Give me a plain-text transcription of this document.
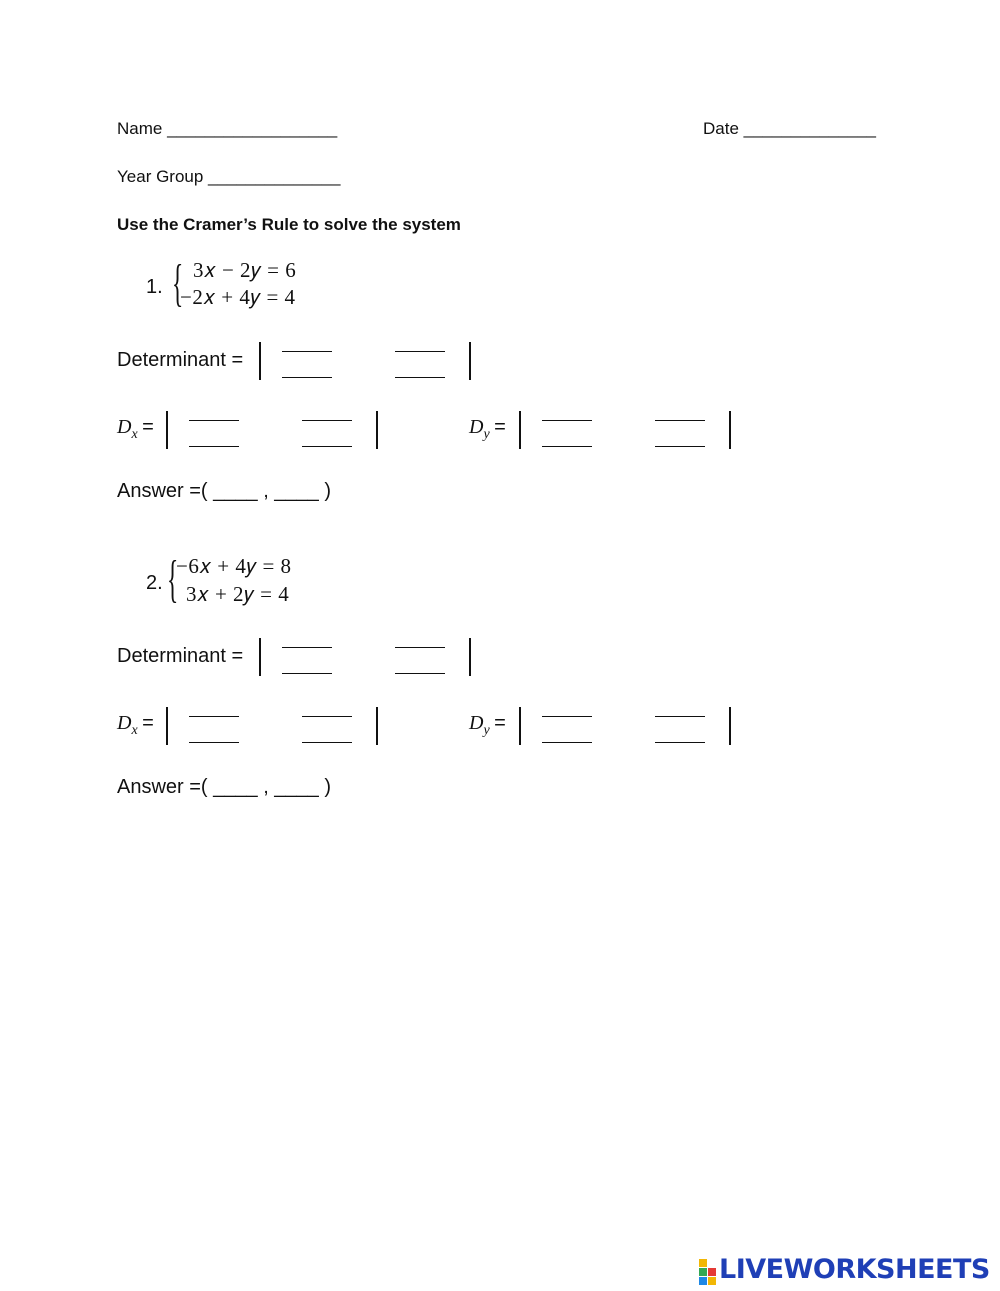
Name __________________	Date ______________
Year Group ______________
Use the Cramer’s Rule to solve the system
1. { 3𝑥 − 2𝑦 = 6
−2𝑥 + 4𝑦 = 4
Determinant =
$D_x$ =	$D_y$ =
Answer =( ____ , ____ )
2. {
−6𝑥 + 4𝑦 = 8
3𝑥 + 2𝑦 = 4
Determinant =
$D_x$ =	$D_y$ =
Answer =( ____ , ____ )
LIVEWORKSHEETS
